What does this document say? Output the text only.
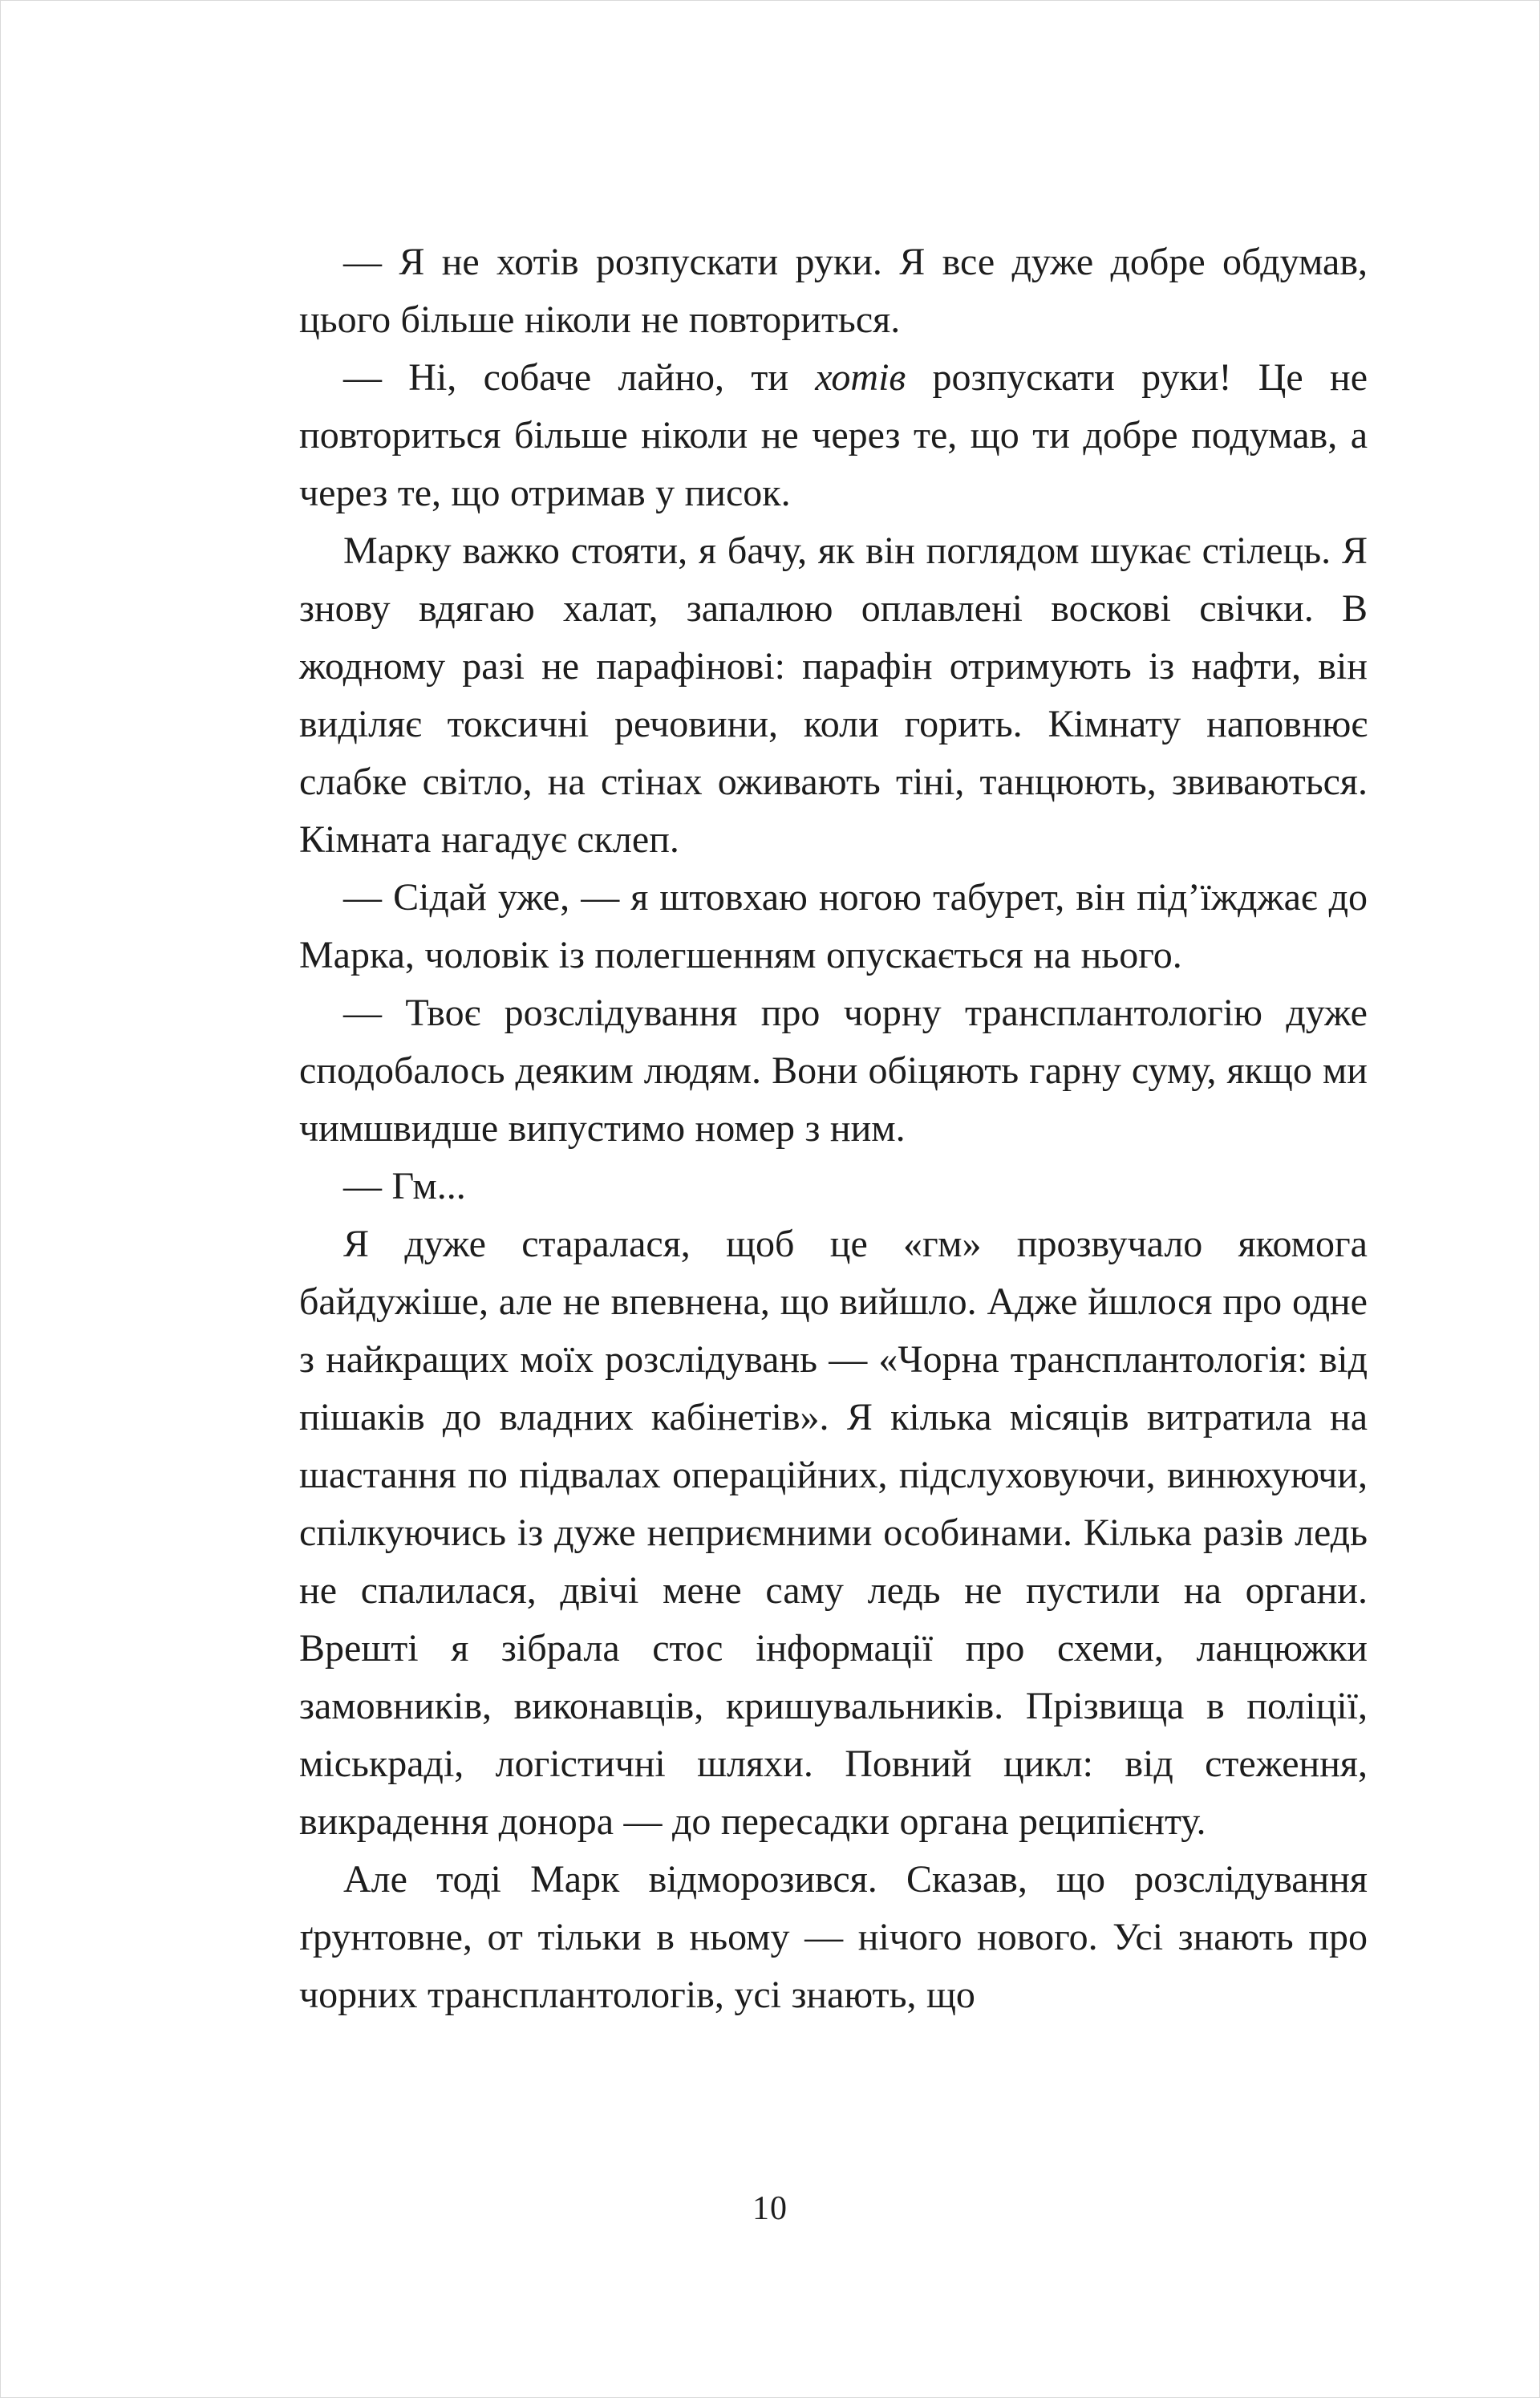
— Я не хотів розпускати руки. Я все дуже добре обдумав, цього більше ніколи не повториться.

— Ні, собаче лайно, ти хотів розпускати руки! Це не повториться більше ніколи не через те, що ти добре подумав, а через те, що отримав у писок.

Марку важко стояти, я бачу, як він поглядом шукає стілець. Я знову вдягаю халат, запалюю оплавлені воскові свічки. В жодному разі не парафінові: парафін отримують із нафти, він виділяє токсичні речовини, коли горить. Кімнату наповнює слабке світло, на стінах оживають тіні, танцюють, звиваються. Кімната нагадує склеп.

— Сідай уже, — я штовхаю ногою табурет, він під’їжджає до Марка, чоловік із полегшенням опускається на нього.

— Твоє розслідування про чорну трансплантологію дуже сподобалось деяким людям. Вони обіцяють гарну суму, якщо ми чимшвидше випустимо номер з ним.

— Гм...

Я дуже старалася, щоб це «гм» прозвучало якомога байдужіше, але не впевнена, що вийшло. Адже йшлося про одне з найкращих моїх розслідувань — «Чорна трансплантологія: від пішаків до владних кабінетів». Я кілька місяців витратила на шастання по підвалах операційних, підслуховуючи, винюхуючи, спілкуючись із дуже неприємними особинами. Кілька разів ледь не спалилася, двічі мене саму ледь не пустили на органи. Врешті я зібрала стос інформації про схеми, ланцюжки замовників, виконавців, кришувальників. Прізвища в поліції, міськраді, логістичні шляхи. Повний цикл: від стеження, викрадення донора — до пересадки органа реципієнту.

Але тоді Марк відморозився. Сказав, що розслідування ґрунтовне, от тільки в ньому — нічого нового. Усі знають про чорних трансплантологів, усі знають, що

10
